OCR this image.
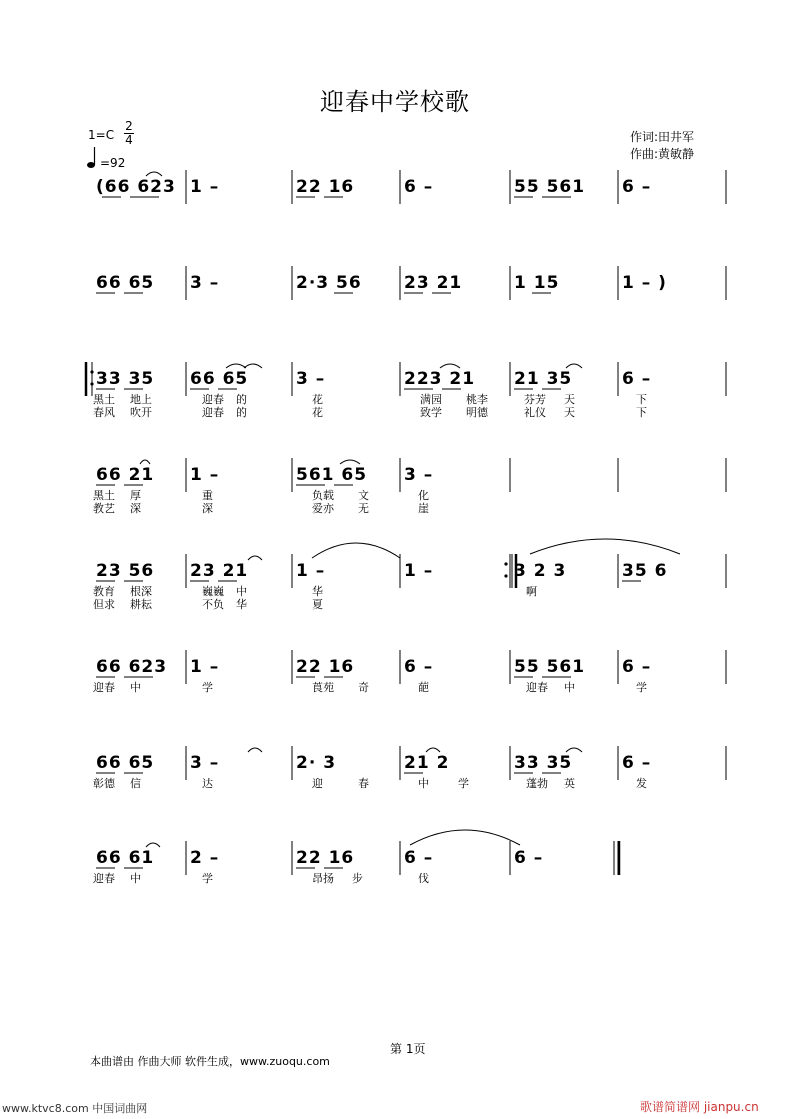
迎春中学校歌
作词:田井军
作曲:黄敏静
1=C
2
4
=92
(66 623 1 –	22 16	6 –	55 561 6 –
66 65 3 –	2·3 56 23 21	1 15	1 – )
33 35 66 65	3 –	223 21 21 35	6 –
黑土 地上	迎春 的	花	满园 桃李	芬芳 天	下
春风 吹开	迎春 的	花	致学 明德	礼仪 天	下
66 21 1 –	561 65 3 –
黑土 厚	重	负载 文	化
教艺 深	深	爱亦 无	崖
23 56 23 21	1 –	1 –	3 2 3	35 6
教育 根深	巍巍 中	华	啊
但求 耕耘	不负 华	夏
66 623 1 –	22 16	6 –	55 561 6 –
迎春 中	学	莨苑 奇	葩	迎春 中	学
66 65 3 –	2· 3	21 2	33 35	6 –
彰德 信	达	迎	春	中	学	蓬勃 英	发
66 61 2 –	22 16	6 –	6 –
迎春 中	学	昂扬 步	伐
第 1页
本曲谱由 作曲大师 软件生成，www.zuoqu.com
www.ktvc8.com 中国词曲网	歌谱简谱网 jianpu.cn
